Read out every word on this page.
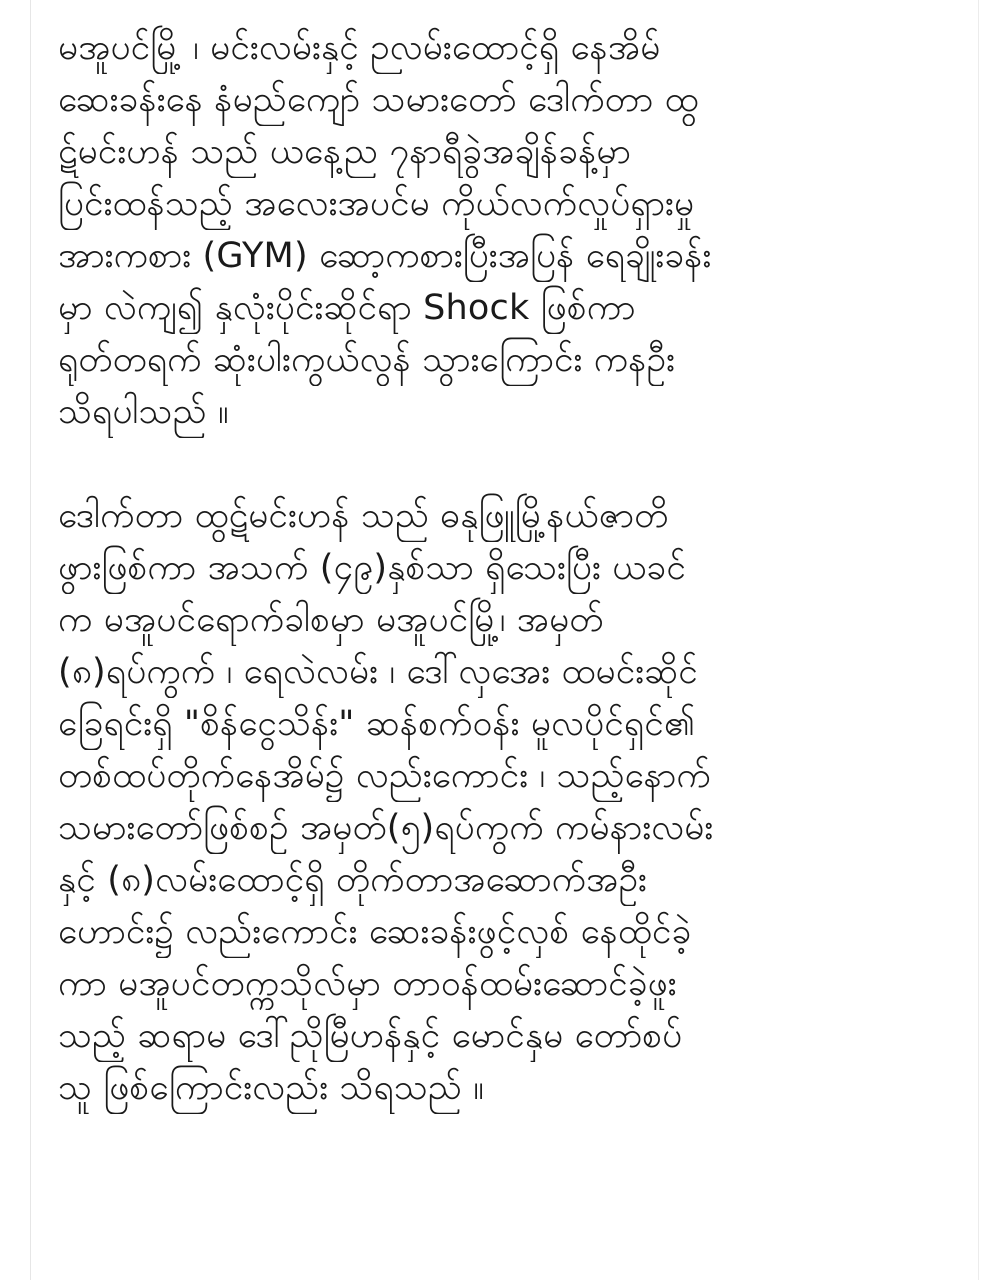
မအူပင်မြို့ ၊ မင်းလမ်းနှင့် ဉလမ်းထောင့်ရှိ နေအိမ်
ဆေးခန်းနေ နံမည်ကျော် သမားတော် ဒေါက်တာ ထွ
ဋ်မင်းဟန် သည် ယနေ့ည ၇နာရီခွဲအချိန်ခန့်မှာ
ပြင်းထန်သည့် အလေးအပင်မ ကိုယ်လက်လှုပ်ရှားမှု
အားကစား (GYM) ဆော့ကစားပြီးအပြန် ရေချိုးခန်း
မှာ လဲကျ၍ နှလုံးပိုင်းဆိုင်ရာ Shock ဖြစ်ကာ
ရုတ်တရက် ဆုံးပါးကွယ်လွန် သွားကြောင်း ကနဦး
သိရပါသည် ။
ဒေါက်တာ ထွဋ်မင်းဟန် သည် ဓနုဖြူမြို့နယ်ဇာတိ
ဖွားဖြစ်ကာ အသက် (၄၉)နှစ်သာ ရှိသေးပြီး ယခင်
က မအူပင်ရောက်ခါစမှာ မအူပင်မြို့၊ အမှတ်
(၈)ရပ်ကွက် ၊ ရေလဲလမ်း ၊ ဒေါ်လှအေး ထမင်းဆိုင်
ခြေရင်းရှိ "စိန်ငွေသိန်း" ဆန်စက်ဝန်း မူလပိုင်ရှင်၏
တစ်ထပ်တိုက်နေအိမ်၌ လည်းကောင်း ၊ သည့်နောက်
သမားတော်ဖြစ်စဥ် အမှတ်(၅)ရပ်ကွက် ကမ်နားလမ်း
နှင့် (၈)လမ်းထောင့်ရှိ တိုက်တာအဆောက်အဦး
ဟောင်း၌ လည်းကောင်း ဆေးခန်းဖွင့်လှစ် နေထိုင်ခဲ့
ကာ မအူပင်တက္ကသိုလ်မှာ တာဝန်ထမ်းဆောင်ခဲ့ဖူး
သည့် ဆရာမ ဒေါ်ညိုမြီဟန်နှင့် မောင်နှမ တော်စပ်
သူ ဖြစ်ကြောင်းလည်း သိရသည် ။
